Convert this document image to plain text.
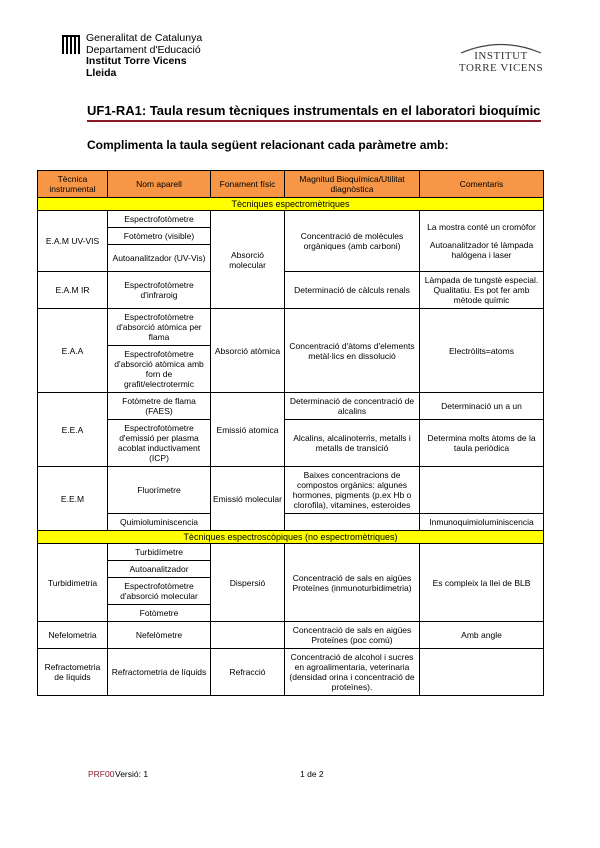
Generalitat de Catalunya
Departament d'Educació
Institut Torre Vicens
Lleida
INSTITUT
TORRE VICENS
UF1-RA1: Taula resum tècniques instrumentals en el laboratori bioquímic
Complimenta la taula següent relacionant cada paràmetre amb:
Tècnica instrumental	Nom aparell	Fonament físic	Magnitud Bioquímica/Utilitat diagnòstica	Comentaris
Tècniques espectromètriques				
E.A.M UV-VIS	Espectrofotòmetre	Absorció molecular	Concentració de molècules orgàniques (amb carboni)	La mostra conté un cromòfor
Autoanalitzador té làmpada halògena i laser
	Fotòmetro (visible)			
	Autoanalitzador (UV-Vis)			
E.A.M IR	Espectrofotòmetre d'infraroig		Determinació de càlculs renals	Làmpada de tungstè especial. Qualitatiu. Es pot fer amb mètode químic
E.A.A	Espectrofotòmetre d'absorció atòmica per flama	Absorció atòmica	Concentració d'àtoms d'elements metàl·lics en dissolució	Electròlits=atoms
	Espectrofotòmetre d'absorció atòmica amb forn de grafit/electrotermic			
E.E.A	Fotòmetre de flama (FAES)	Emissió atomica	Determinació de concentració de alcalins	Determinació un a un
	Espectrofotòmetre d'emissió per plasma acoblat inductivament (ICP)		Alcalins, alcalinoterris, metalls i metalls de transició	Determina molts àtoms de la taula periòdica
E.E.M	Fluorímetre	Emissió molecular	Baixes concentracions de compostos orgànics: algunes hormones, pigments (p.ex Hb o clorofila), vitamines, esteroides	
	Quimioluminiscencia			Inmunoquimioluminiscencia
Tècniques espectroscòpiques (no espectromètriques)				
Turbidimetria	Turbidímetre	Dispersió	Concentració de sals en aigües Proteïnes (inmunoturbidimetria)	Es compleix la llei de BLB
	Autoanalitzador			
	Espectrofotòmetre d'absorció molecular			
	Fotòmetre			
Nefelometria	Nefelòmetre		Concentració de sals en aigües Proteïnes (poc comú)	Amb angle
Refractometria de líquids	Refractometria de líquids	Refracció	Concentració de alcohol i sucres en agroalimentaria, veterinaria (densidad orina i concentració de proteïnes).	
PRF00 Versió: 1	1 de 2
